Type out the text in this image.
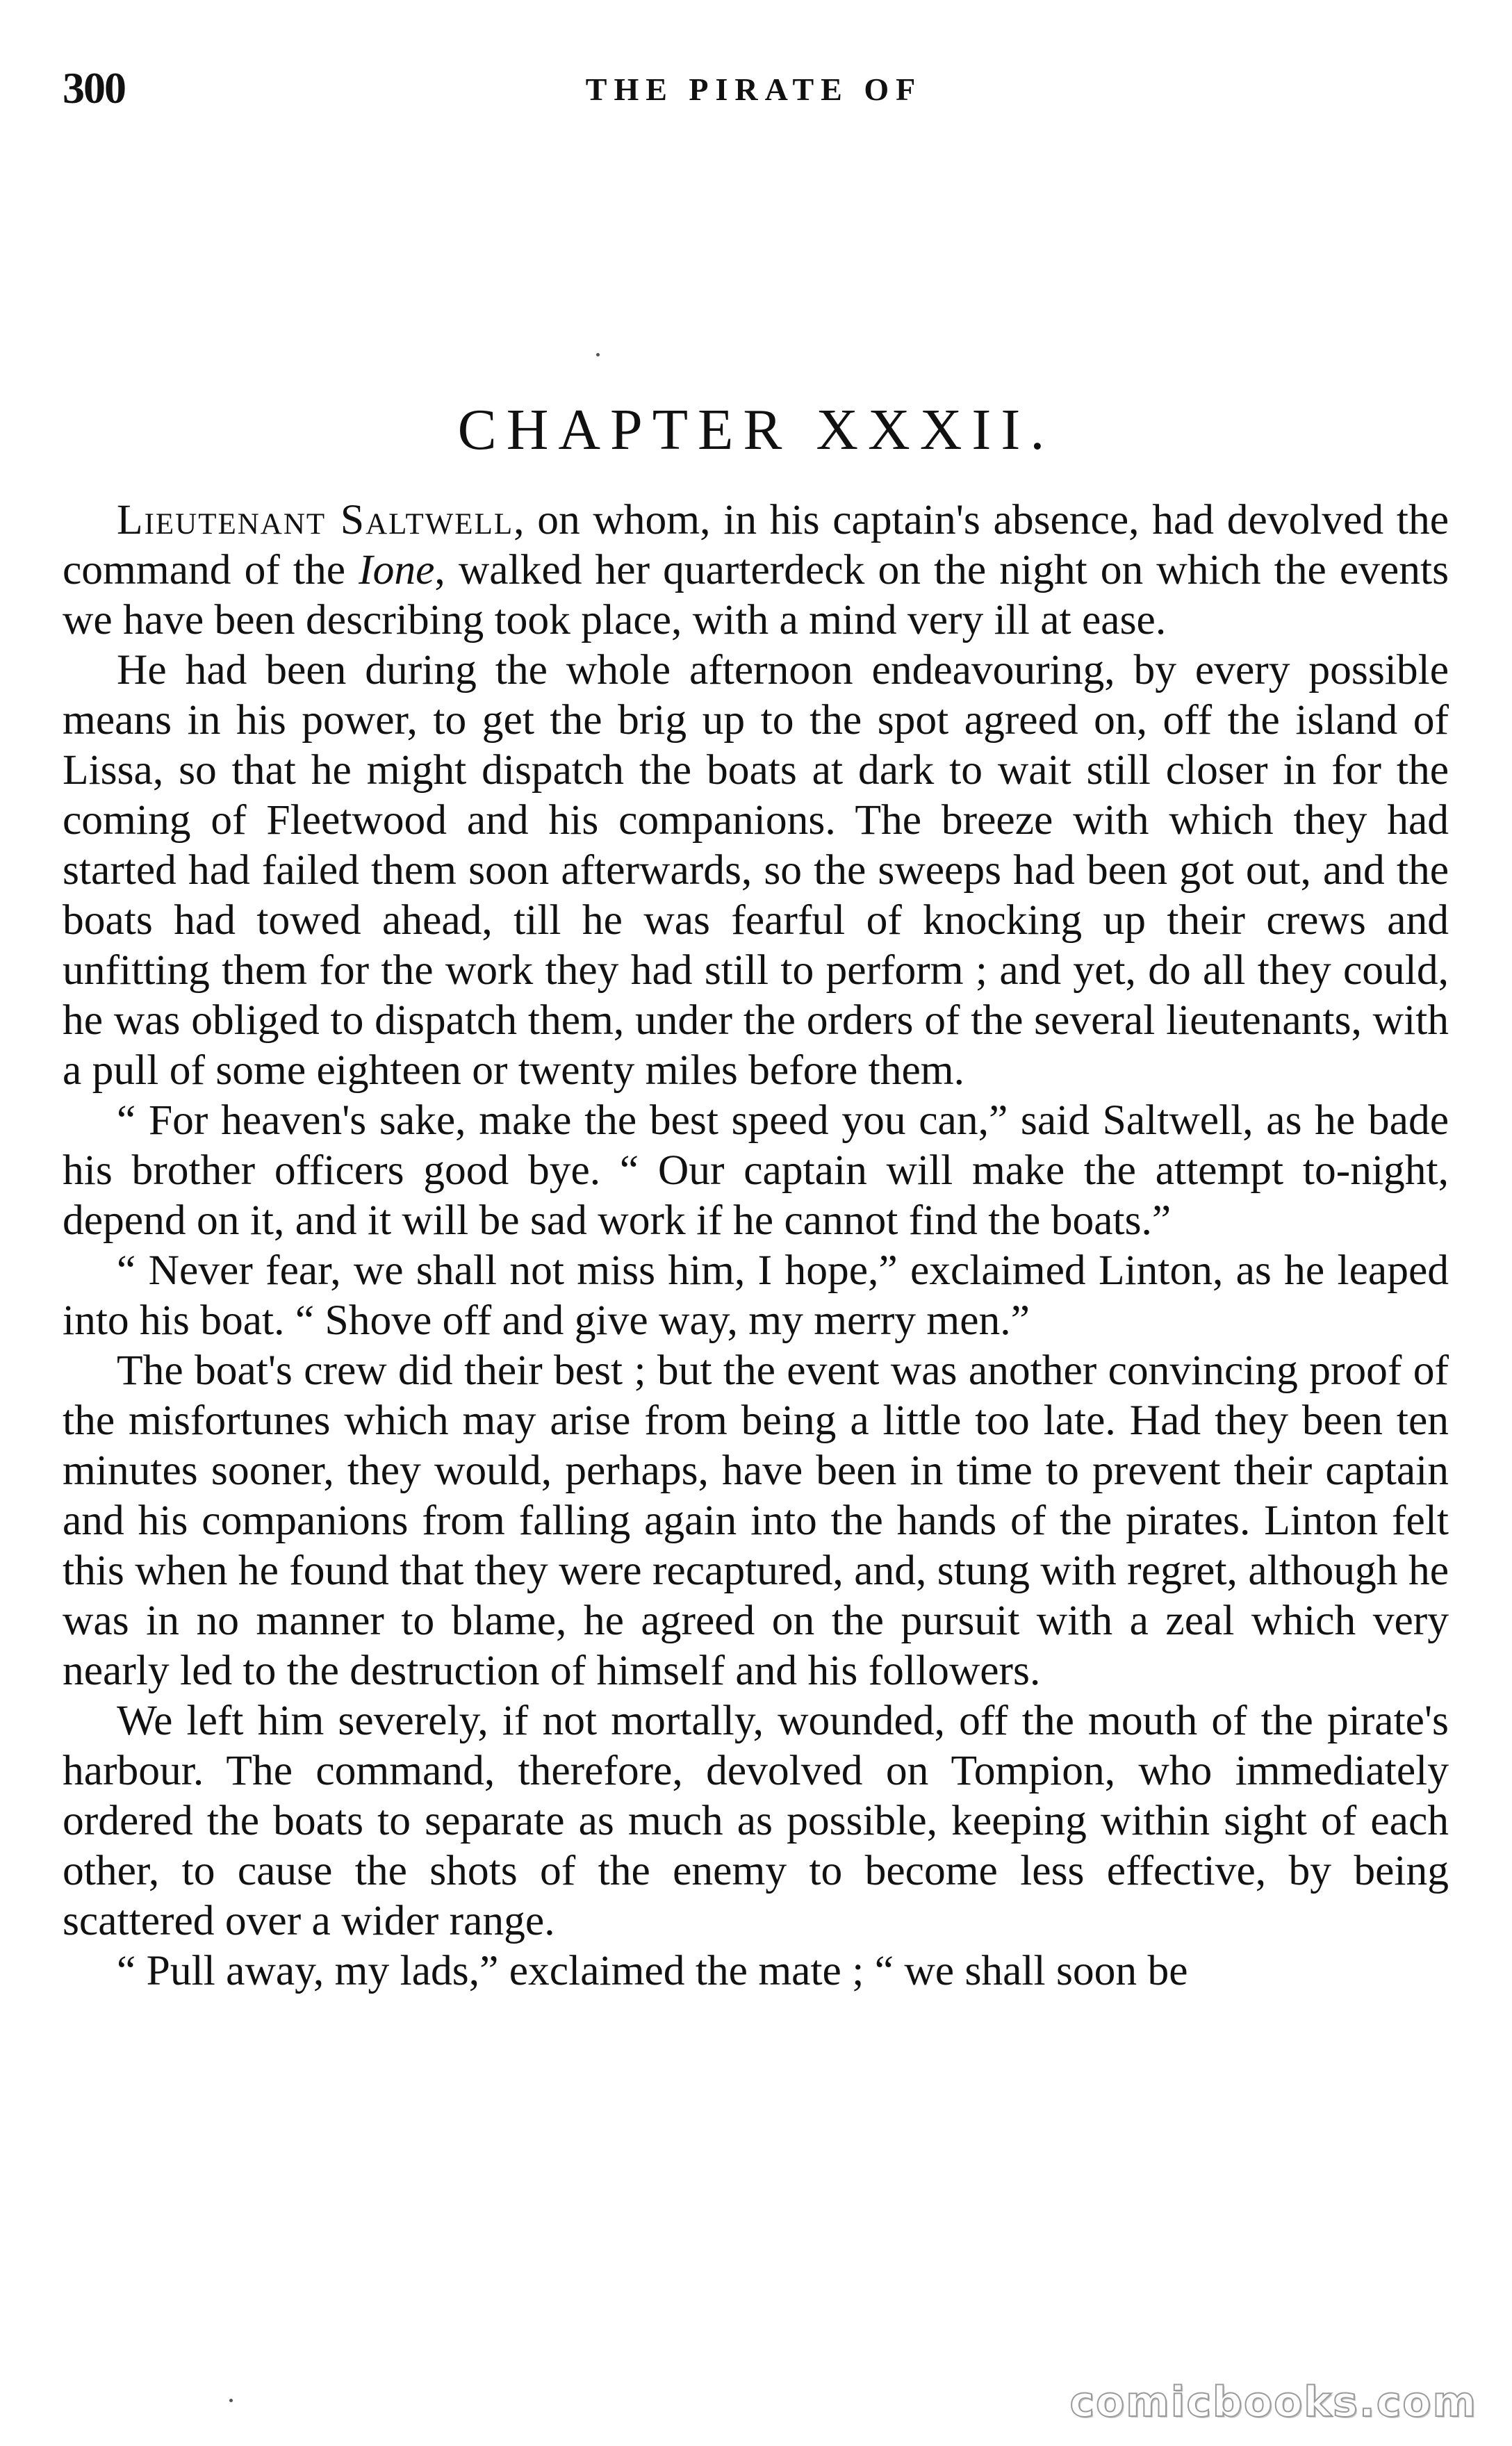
300	THE PIRATE OF
CHAPTER XXXII.

Lieutenant Saltwell, on whom, in his captain's absence, had devolved the command of the Ione, walked her quarterdeck on the night on which the events we have been describing took place, with a mind very ill at ease.

He had been during the whole afternoon endeavouring, by every possible means in his power, to get the brig up to the spot agreed on, off the island of Lissa, so that he might dispatch the boats at dark to wait still closer in for the coming of Fleetwood and his companions. The breeze with which they had started had failed them soon afterwards, so the sweeps had been got out, and the boats had towed ahead, till he was fearful of knocking up their crews and unfitting them for the work they had still to perform ; and yet, do all they could, he was obliged to dispatch them, under the orders of the several lieutenants, with a pull of some eighteen or twenty miles before them.

“ For heaven's sake, make the best speed you can,” said Saltwell, as he bade his brother officers good bye. “ Our captain will make the attempt to-night, depend on it, and it will be sad work if he cannot find the boats.”

“ Never fear, we shall not miss him, I hope,” exclaimed Linton, as he leaped into his boat. “ Shove off and give way, my merry men.”

The boat's crew did their best ; but the event was another convincing proof of the misfortunes which may arise from being a little too late. Had they been ten minutes sooner, they would, perhaps, have been in time to prevent their captain and his companions from falling again into the hands of the pirates. Linton felt this when he found that they were recaptured, and, stung with regret, although he was in no manner to blame, he agreed on the pursuit with a zeal which very nearly led to the destruction of himself and his followers.

We left him severely, if not mortally, wounded, off the mouth of the pirate's harbour. The command, therefore, devolved on Tompion, who immediately ordered the boats to separate as much as possible, keeping within sight of each other, to cause the shots of the enemy to become less effective, by being scattered over a wider range.

“ Pull away, my lads,” exclaimed the mate ; “ we shall soon be

comicbooks.com
